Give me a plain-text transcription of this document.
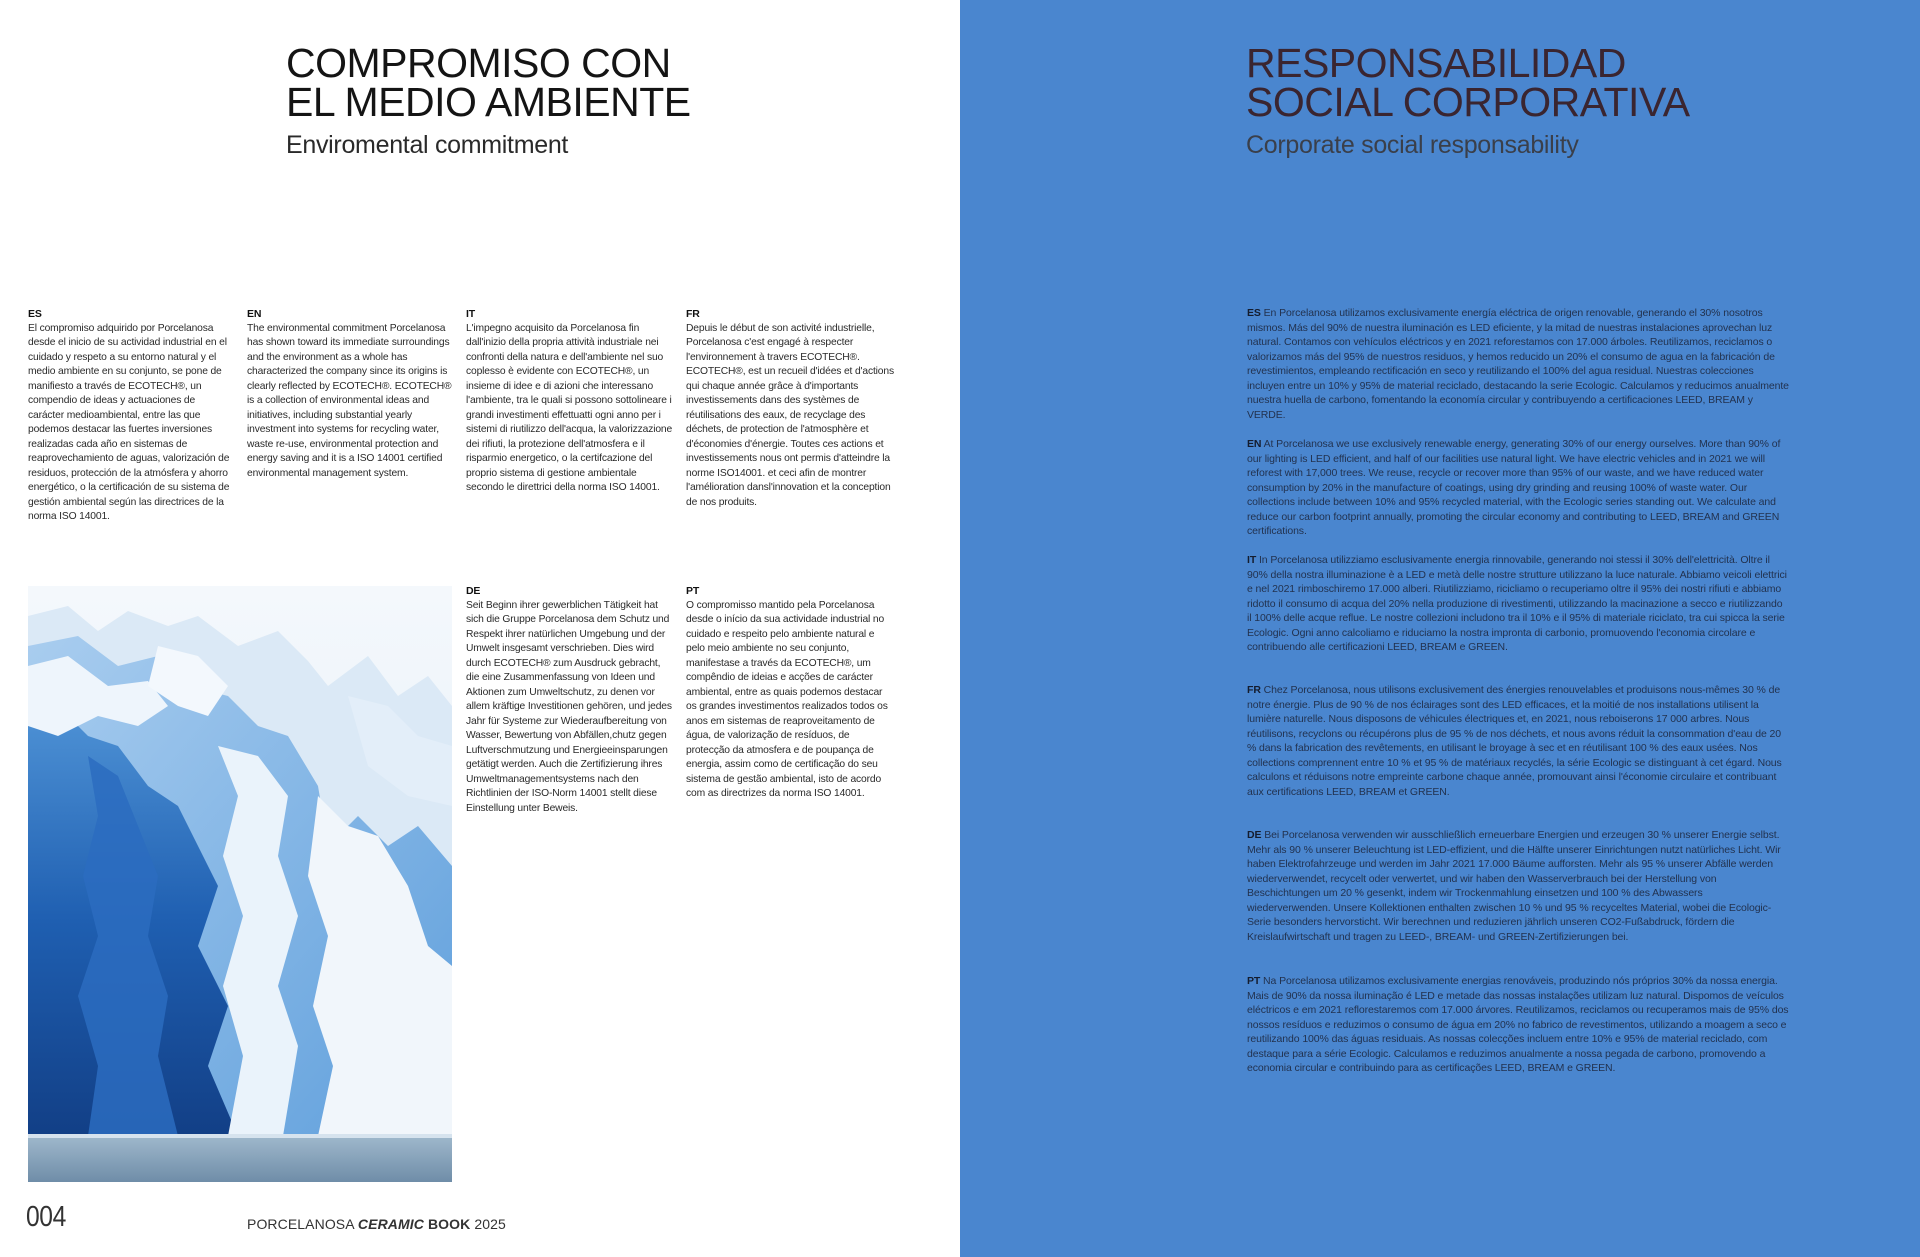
COMPROMISO CON
EL MEDIO AMBIENTE

Enviromental commitment

ES
El compromiso adquirido por Porcelanosa desde el inicio de su actividad industrial en el cuidado y respeto a su entorno natural y el medio ambiente en su conjunto, se pone de manifiesto a través de ECOTECH®, un compendio de ideas y actuaciones de carácter medioambiental, entre las que podemos destacar las fuertes inversiones realizadas cada año en sistemas de reaprovechamiento de aguas, valorización de residuos, protección de la atmósfera y ahorro energético, o la certificación de su sistema de gestión ambiental según las directrices de la norma ISO 14001.
EN
The environmental commitment Porcelanosa has shown toward its immediate surroundings and the environment as a whole has characterized the company since its origins is clearly reflected by ECOTECH®. ECOTECH® is a collection of environmental ideas and initiatives, including substantial yearly investment into systems for recycling water, waste re-use, environmental protection and energy saving and it is a ISO 14001 certified environmental management system.
IT
L'impegno acquisito da Porcelanosa fin dall'inizio della propria attività industriale nei confronti della natura e dell'ambiente nel suo coplesso è evidente con ECOTECH®, un insieme di idee e di azioni che interessano l'ambiente, tra le quali si possono sottolineare i grandi investimenti effettuatti ogni anno per i sistemi di riutilizzo dell'acqua, la valorizzazione dei rifiuti, la protezione dell'atmosfera e il risparmio energetico, o la certifcazione del proprio sistema di gestione ambientale secondo le direttrici della norma ISO 14001.
FR
Depuis le début de son activité industrielle, Porcelanosa c'est engagé à respecter l'environnement à travers ECOTECH®. ECOTECH®, est un recueil d'idées et d'actions qui chaque année grâce à d'importants investissements dans des systèmes de réutilisations des eaux, de recyclage des déchets, de protection de l'atmosphère et d'économies d'énergie. Toutes ces actions et investissements nous ont permis d'atteindre la norme ISO14001. et ceci afin de montrer l'amélioration dansl'innovation et la conception de nos produits.
DE
Seit Beginn ihrer gewerblichen Tätigkeit hat sich die Gruppe Porcelanosa dem Schutz und Respekt ihrer natürlichen Umgebung und der Umwelt insgesamt verschrieben. Dies wird durch ECOTECH® zum Ausdruck gebracht, die eine Zusammenfassung von Ideen und Aktionen zum Umweltschutz, zu denen vor allem kräftige Investitionen gehören, und jedes Jahr für Systeme zur Wiederaufbereitung von Wasser, Bewertung von Abfällen,chutz gegen Luftverschmutzung und Energieeinsparungen getätigt werden. Auch die Zertifizierung ihres Umweltmanagementsystems nach den Richtlinien der ISO-Norm 14001 stellt diese Einstellung unter Beweis.
PT
O compromisso mantido pela Porcelanosa desde o início da sua actividade industrial no cuidado e respeito pelo ambiente natural e pelo meio ambiente no seu conjunto, manifestase a través da ECOTECH®, um compêndio de ideias e acções de carácter ambiental, entre as quais podemos destacar os grandes investimentos realizados todos os anos em sistemas de reaproveitamento de água, de valorização de resíduos, de protecção da atmosfera e de poupança de energia, assim como de certificação do seu sistema de gestão ambiental, isto de acordo com as directrizes da norma ISO 14001.

004	PORCELANOSA CERAMIC BOOK 2025
RESPONSABILIDAD
SOCIAL CORPORATIVA

Corporate social responsability

ES En Porcelanosa utilizamos exclusivamente energía eléctrica de origen renovable, generando el 30% nosotros mismos. Más del 90% de nuestra iluminación es LED eficiente, y la mitad de nuestras instalaciones aprovechan luz natural. Contamos con vehículos eléctricos y en 2021 reforestamos con 17.000 árboles. Reutilizamos, reciclamos o valorizamos más del 95% de nuestros residuos, y hemos reducido un 20% el consumo de agua en la fabricación de revestimientos, empleando rectificación en seco y reutilizando el 100% del agua residual. Nuestras colecciones incluyen entre un 10% y 95% de material reciclado, destacando la serie Ecologic. Calculamos y reducimos anualmente nuestra huella de carbono, fomentando la economía circular y contribuyendo a certificaciones LEED, BREAM y VERDE.

EN At Porcelanosa we use exclusively renewable energy, generating 30% of our energy ourselves. More than 90% of our lighting is LED efficient, and half of our facilities use natural light. We have electric vehicles and in 2021 we will reforest with 17,000 trees. We reuse, recycle or recover more than 95% of our waste, and we have reduced water consumption by 20% in the manufacture of coatings, using dry grinding and reusing 100% of waste water. Our collections include between 10% and 95% recycled material, with the Ecologic series standing out. We calculate and reduce our carbon footprint annually, promoting the circular economy and contributing to LEED, BREAM and GREEN certifications.

IT In Porcelanosa utilizziamo esclusivamente energia rinnovabile, generando noi stessi il 30% dell'elettricità. Oltre il 90% della nostra illuminazione è a LED e metà delle nostre strutture utilizzano la luce naturale. Abbiamo veicoli elettrici e nel 2021 rimboschiremo 17.000 alberi. Riutilizziamo, ricicliamo o recuperiamo oltre il 95% dei nostri rifiuti e abbiamo ridotto il consumo di acqua del 20% nella produzione di rivestimenti, utilizzando la macinazione a secco e riutilizzando il 100% delle acque reflue. Le nostre collezioni includono tra il 10% e il 95% di materiale riciclato, tra cui spicca la serie Ecologic. Ogni anno calcoliamo e riduciamo la nostra impronta di carbonio, promuovendo l'economia circolare e contribuendo alle certificazioni LEED, BREAM e GREEN.

FR Chez Porcelanosa, nous utilisons exclusivement des énergies renouvelables et produisons nous-mêmes 30 % de notre énergie. Plus de 90 % de nos éclairages sont des LED efficaces, et la moitié de nos installations utilisent la lumière naturelle. Nous disposons de véhicules électriques et, en 2021, nous reboiserons 17 000 arbres. Nous réutilisons, recyclons ou récupérons plus de 95 % de nos déchets, et nous avons réduit la consommation d'eau de 20 % dans la fabrication des revêtements, en utilisant le broyage à sec et en réutilisant 100 % des eaux usées. Nos collections comprennent entre 10 % et 95 % de matériaux recyclés, la série Ecologic se distinguant à cet égard. Nous calculons et réduisons notre empreinte carbone chaque année, promouvant ainsi l'économie circulaire et contribuant aux certifications LEED, BREAM et GREEN.

DE Bei Porcelanosa verwenden wir ausschließlich erneuerbare Energien und erzeugen 30 % unserer Energie selbst. Mehr als 90 % unserer Beleuchtung ist LED-effizient, und die Hälfte unserer Einrichtungen nutzt natürliches Licht. Wir haben Elektrofahrzeuge und werden im Jahr 2021 17.000 Bäume aufforsten. Mehr als 95 % unserer Abfälle werden wiederverwendet, recycelt oder verwertet, und wir haben den Wasserverbrauch bei der Herstellung von Beschichtungen um 20 % gesenkt, indem wir Trockenmahlung einsetzen und 100 % des Abwassers wiederverwenden. Unsere Kollektionen enthalten zwischen 10 % und 95 % recyceltes Material, wobei die Ecologic-Serie besonders hervorsticht. Wir berechnen und reduzieren jährlich unseren CO2-Fußabdruck, fördern die Kreislaufwirtschaft und tragen zu LEED-, BREAM- und GREEN-Zertifizierungen bei.

PT Na Porcelanosa utilizamos exclusivamente energias renováveis, produzindo nós próprios 30% da nossa energia. Mais de 90% da nossa iluminação é LED e metade das nossas instalações utilizam luz natural. Dispomos de veículos eléctricos e em 2021 reflorestaremos com 17.000 árvores. Reutilizamos, reciclamos ou recuperamos mais de 95% dos nossos resíduos e reduzimos o consumo de água em 20% no fabrico de revestimentos, utilizando a moagem a seco e reutilizando 100% das águas residuais. As nossas colecções incluem entre 10% e 95% de material reciclado, com destaque para a série Ecologic. Calculamos e reduzimos anualmente a nossa pegada de carbono, promovendo a economia circular e contribuindo para as certificações LEED, BREAM e GREEN.
